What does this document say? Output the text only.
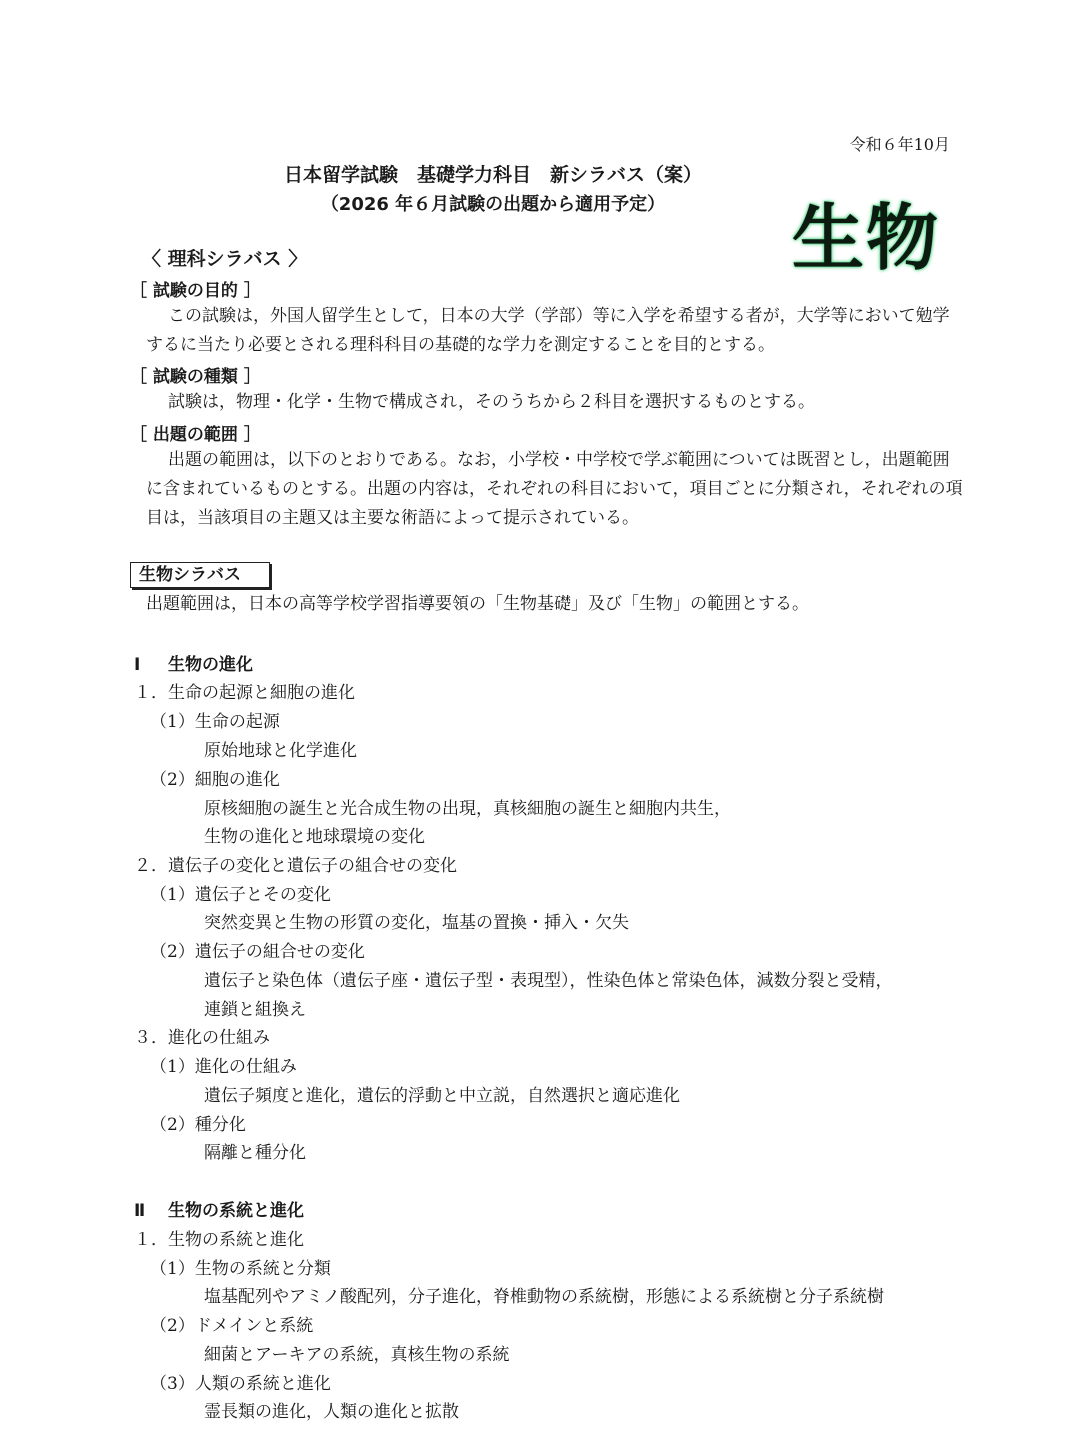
令和６年10月
日本留学試験　基礎学力科目　新シラバス（案）
（2026 年６月試験の出題から適用予定）	生物
〈 理科シラバス 〉
［ 試験の目的 ］
この試験は，外国人留学生として，日本の大学（学部）等に入学を希望する者が，大学等において勉学するに当たり必要とされる理科科目の基礎的な学力を測定することを目的とする。
［ 試験の種類 ］
試験は，物理・化学・生物で構成され，そのうちから２科目を選択するものとする。
［ 出題の範囲 ］
出題の範囲は，以下のとおりである。なお，小学校・中学校で学ぶ範囲については既習とし，出題範囲に含まれているものとする。出題の内容は，それぞれの科目において，項目ごとに分類され，それぞれの項目は，当該項目の主題又は主要な術語によって提示されている。
生物シラバス
出題範囲は，日本の高等学校学習指導要領の「生物基礎」及び「生物」の範囲とする。
Ⅰ 生物の進化
１．生命の起源と細胞の進化
（1）生命の起源
原始地球と化学進化
（2）細胞の進化
原核細胞の誕生と光合成生物の出現，真核細胞の誕生と細胞内共生，
生物の進化と地球環境の変化
２．遺伝子の変化と遺伝子の組合せの変化
（1）遺伝子とその変化
突然変異と生物の形質の変化，塩基の置換・挿入・欠失
（2）遺伝子の組合せの変化
遺伝子と染色体（遺伝子座・遺伝子型・表現型），性染色体と常染色体，減数分裂と受精，
連鎖と組換え
３．進化の仕組み
（1）進化の仕組み
遺伝子頻度と進化，遺伝的浮動と中立説，自然選択と適応進化
（2）種分化
隔離と種分化
Ⅱ 生物の系統と進化
１．生物の系統と進化
（1）生物の系統と分類
塩基配列やアミノ酸配列，分子進化，脊椎動物の系統樹，形態による系統樹と分子系統樹
（2）ドメインと系統
細菌とアーキアの系統，真核生物の系統
（3）人類の系統と進化
霊長類の進化，人類の進化と拡散
